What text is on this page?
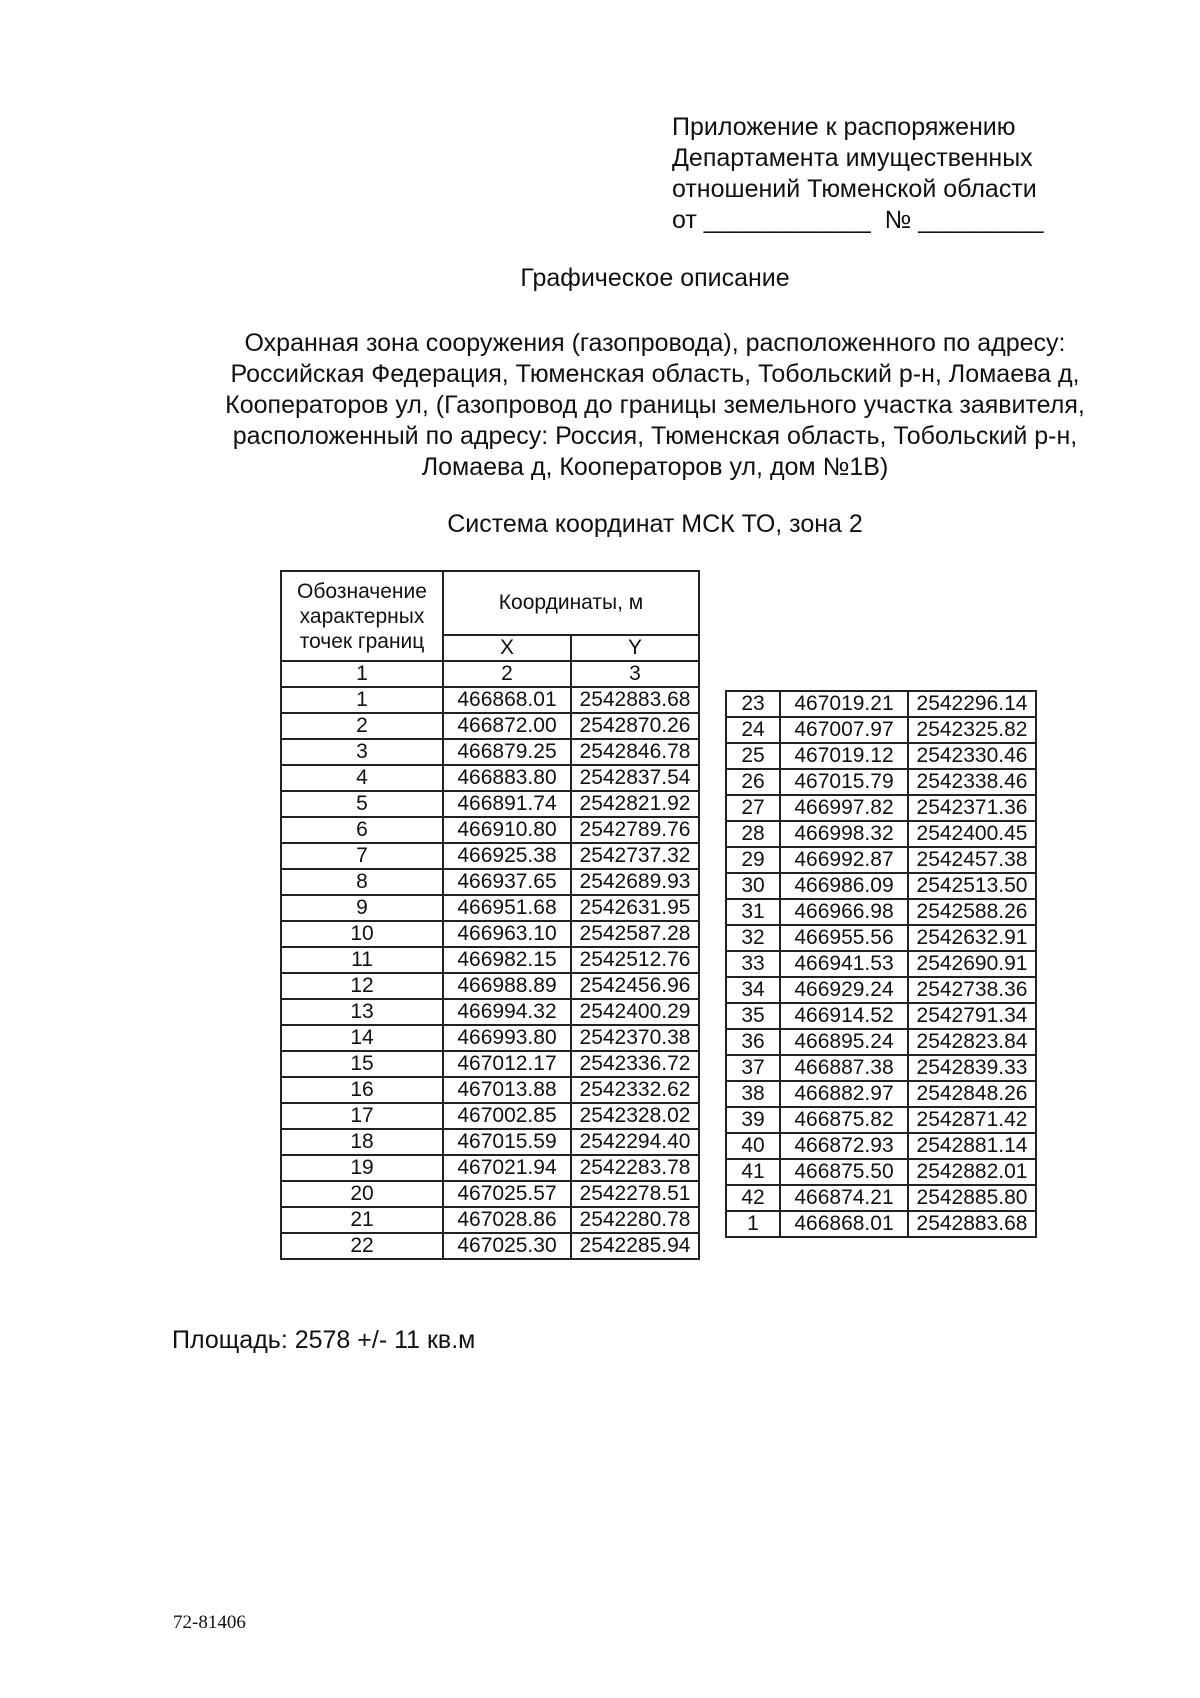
Приложение к распоряжению
Департамента имущественных
отношений Тюменской области
от ____________  № _________
Графическое описание
Охранная зона сооружения (газопровода), расположенного по адресу:
Российская Федерация, Тюменская область, Тобольский р-н, Ломаева д,
Кооператоров ул, (Газопровод до границы земельного участка заявителя,
расположенный по адресу: Россия, Тюменская область, Тобольский р-н,
Ломаева д, Кооператоров ул, дом №1В)
Система координат МСК ТО, зона 2
Обозначение характерных точек границ	Координаты, м	
	X	Y
1	2	3
1	466868.01	2542883.68
2	466872.00	2542870.26
3	466879.25	2542846.78
4	466883.80	2542837.54
5	466891.74	2542821.92
6	466910.80	2542789.76
7	466925.38	2542737.32
8	466937.65	2542689.93
9	466951.68	2542631.95
10	466963.10	2542587.28
11	466982.15	2542512.76
12	466988.89	2542456.96
13	466994.32	2542400.29
14	466993.80	2542370.38
15	467012.17	2542336.72
16	467013.88	2542332.62
17	467002.85	2542328.02
18	467015.59	2542294.40
19	467021.94	2542283.78
20	467025.57	2542278.51
21	467028.86	2542280.78
22	467025.30	2542285.94
23	467019.21	2542296.14
24	467007.97	2542325.82
25	467019.12	2542330.46
26	467015.79	2542338.46
27	466997.82	2542371.36
28	466998.32	2542400.45
29	466992.87	2542457.38
30	466986.09	2542513.50
31	466966.98	2542588.26
32	466955.56	2542632.91
33	466941.53	2542690.91
34	466929.24	2542738.36
35	466914.52	2542791.34
36	466895.24	2542823.84
37	466887.38	2542839.33
38	466882.97	2542848.26
39	466875.82	2542871.42
40	466872.93	2542881.14
41	466875.50	2542882.01
42	466874.21	2542885.80
1	466868.01	2542883.68
Площадь: 2578 +/- 11 кв.м
72-81406
